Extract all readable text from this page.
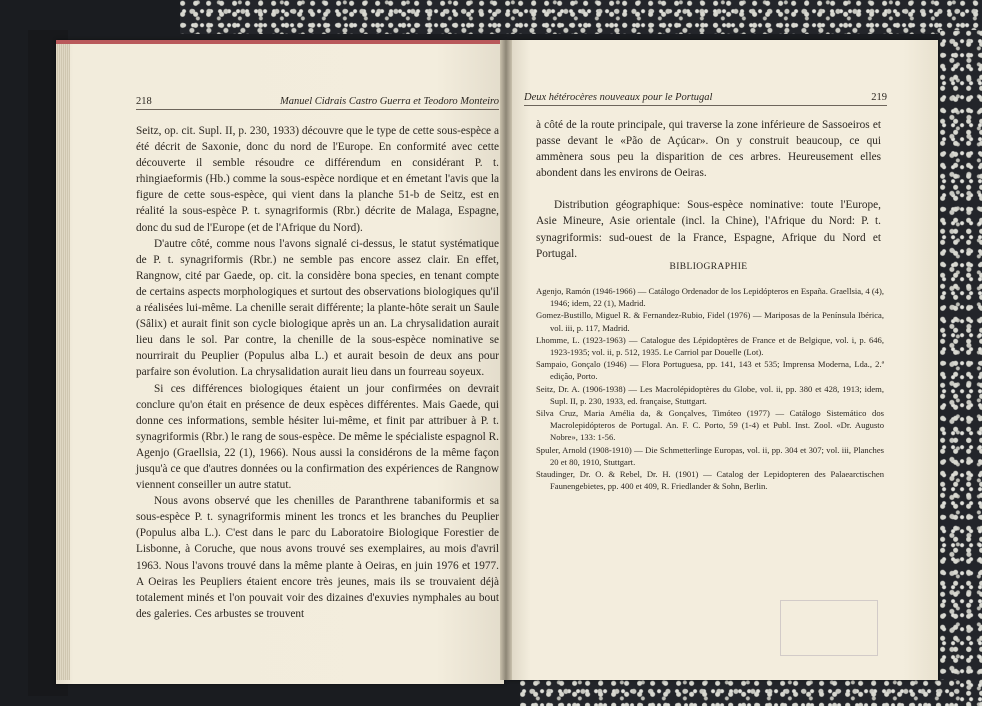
218	Manuel Cidrais Castro Guerra et Teodoro Monteiro

Seitz, op. cit. Supl. II, p. 230, 1933) découvre que le type de cette sous-espèce a été décrit de Saxonie, donc du nord de l'Europe. En conformité avec cette découverte il semble résoudre ce différendum en considérant P. t. rhingiaeformis (Hb.) comme la sous-espèce nordique et en émetant l'avis que la figure de cette sous-espèce, qui vient dans la planche 51-b de Seitz, est en réalité la sous-espèce P. t. synagriformis (Rbr.) décrite de Malaga, Espagne, donc du sud de l'Europe (et de l'Afrique du Nord).

D'autre côté, comme nous l'avons signalé ci-dessus, le statut systématique de P. t. synagriformis (Rbr.) ne semble pas encore assez clair. En effet, Rangnow, cité par Gaede, op. cit. la considère bona species, en tenant compte de certains aspects morphologiques et surtout des observations biologiques qu'il a réalisées lui-même. La chenille serait différente; la plante-hôte serait un Saule (Sâlix) et aurait finit son cycle biologique après un an. La chrysalidation aurait lieu dans le sol. Par contre, la chenille de la sous-espèce nominative se nourrirait du Peuplier (Populus alba L.) et aurait besoin de deux ans pour parfaire son évolution. La chrysalidation aurait lieu dans un fourreau soyeux.

Si ces différences biologiques étaient un jour confirmées on devrait conclure qu'on était en présence de deux espèces différentes. Mais Gaede, qui donne ces informations, semble hésiter lui-même, et finit par attribuer à P. t. synagriformis (Rbr.) le rang de sous-espèce. De même le spécialiste espagnol R. Agenjo (Graellsia, 22 (1), 1966). Nous aussi la considérons de la même façon jusqu'à ce que d'autres données ou la confirmation des expériences de Rangnow viennent conseiller un autre statut.

Nous avons observé que les chenilles de Paranthrene tabaniformis et sa sous-espèce P. t. synagriformis minent les troncs et les branches du Peuplier (Populus alba L.). C'est dans le parc du Laboratoire Biologique Forestier de Lisbonne, à Coruche, que nous avons trouvé ses exemplaires, au mois d'avril 1963. Nous l'avons trouvé dans la même plante à Oeiras, en juin 1976 et 1977. A Oeiras les Peupliers étaient encore très jeunes, mais ils se trouvaient déjà totalement minés et l'on pouvait voir des dizaines d'exuvies nymphales au bout des galeries. Ces arbustes se trouvent

Deux hétérocères nouveaux pour le Portugal	219

à côté de la route principale, qui traverse la zone inférieure de Sassoeiros et passe devant le «Pão de Açúcar». On y construit beaucoup, ce qui ammènera sous peu la disparition de ces arbres. Heureusement elles abondent dans les environs de Oeiras.

Distribution géographique: Sous-espèce nominative: toute l'Europe, Asie Mineure, Asie orientale (incl. la Chine), l'Afrique du Nord: P. t. synagriformis: sud-ouest de la France, Espagne, Afrique du Nord et Portugal.

BIBLIOGRAPHIE

Agenjo, Ramón (1946-1966) — Catálogo Ordenador de los Lepidópteros en España. Graellsia, 4 (4), 1946; idem, 22 (1), Madrid.

Gomez-Bustillo, Miguel R. & Fernandez-Rubio, Fidel (1976) — Mariposas de la Península Ibérica, vol. iii, p. 117, Madrid.

Lhomme, L. (1923-1963) — Catalogue des Lépidoptères de France et de Belgique, vol. i, p. 646, 1923-1935; vol. ii, p. 512, 1935. Le Carriol par Douelle (Lot).

Sampaio, Gonçalo (1946) — Flora Portuguesa, pp. 141, 143 et 535; Imprensa Moderna, Lda., 2.ª edição, Porto.

Seitz, Dr. A. (1906-1938) — Les Macrolépidoptères du Globe, vol. ii, pp. 380 et 428, 1913; idem, Supl. II, p. 230, 1933, ed. française, Stuttgart.

Silva Cruz, Maria Amélia da, & Gonçalves, Timóteo (1977) — Catálogo Sistemático dos Macrolepidópteros de Portugal. An. F. C. Porto, 59 (1-4) et Publ. Inst. Zool. «Dr. Augusto Nobre», 133: 1-56.

Spuler, Arnold (1908-1910) — Die Schmetterlinge Europas, vol. ii, pp. 304 et 307; vol. iii, Planches 20 et 80, 1910, Stuttgart.

Staudinger, Dr. O. & Rebel, Dr. H. (1901) — Catalog der Lepidopteren des Palaearctischen Faunengebietes, pp. 400 et 409, R. Friedlander & Sohn, Berlin.
